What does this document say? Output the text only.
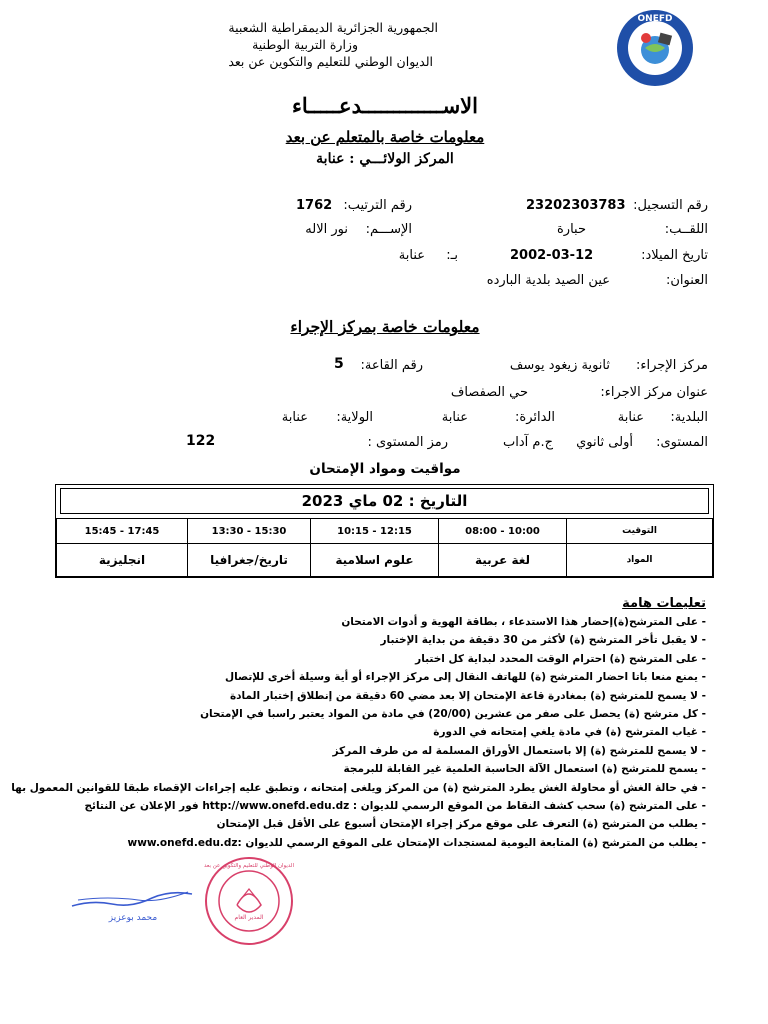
ONEFD
الجمهورية الجزائرية الديمقراطية الشعبية
وزارة التربية الوطنية
الديوان الوطني للتعليم والتكوين عن بعد
الاســـــــــــــدعـــــاء
معلومات خاصة بالمتعلم عن بعد
المركز الولائـــي : عنابة
رقم التسجيل:
23202303783
رقم الترتيب:
1762
اللقــب:
حبارة
الإســـم:
نور الاله
تاريخ الميلاد:
2002-03-12
بـ:
عنابة
العنوان:
عين الصيد بلدية البارده
معلومات خاصة بمركز الإجراء
مركز الإجراء:
ثانوية زيغود يوسف
رقم القاعة:
5
عنوان مركز الاجراء:
حي الصفصاف
البلدية:
عنابة
الدائرة:
عنابة
الولاية:
عنابة
المستوى:
أولى ثانوي
ج.م آداب
رمز المستوى :
122
مواقيت ومواد الإمتحان
التاريخ : 02 ماي 2023
15:45 - 17:45	13:30 - 15:30	10:15 - 12:15	08:00 - 10:00	التوقيت
انجليزية	تاريخ/جغرافيا	علوم اسلامية	لغة عربية	المواد
تعليمات هامة
- على المترشح(ة)إحضار هذا الاستدعاء ، بطاقة الهوية و أدوات الامتحان
- لا يقبل تأخر المترشح (ة) لأكثر من 30 دقيقة من بداية الإختبار
- على المترشح (ة) احترام الوقت المحدد لبداية كل اختبار
- يمنع منعا باتا احضار المترشح (ة) للهاتف النقال إلى مركز الإجراء أو أية وسيلة أخرى للإتصال
- لا يسمح للمترشح (ة) بمغادرة قاعة الإمتحان إلا بعد مضي 60 دقيقة من إنطلاق إختبار المادة
- كل مترشح (ة) يحصل على صفر من عشرين (20/00) في مادة من المواد يعتبر راسبا في الإمتحان
- غياب المترشح (ة) في مادة يلغي إمتحانه في الدورة
- لا يسمح للمترشح (ة) إلا باستعمال الأوراق المسلمة له من طرف المركز
- يسمح للمترشح (ة) استعمال الآلة الحاسبة العلمية غير القابلة للبرمجة
- في حالة الغش أو محاولة الغش يطرد المترشح (ة) من المركز ويلغى إمتحانه ، وتطبق عليه إجراءات الإقصاء طبقا للقوانين المعمول بها
- على المترشح (ة) سحب كشف النقاط من الموقع الرسمي للديوان : http://www.onefd.edu.dz فور الإعلان عن النتائج
- يطلب من المترشح (ة) التعرف على موقع مركز إجراء الإمتحان أسبوع على الأقل قبل الإمتحان
- يطلب من المترشح (ة) المتابعة اليومية لمستجدات الإمتحان على الموقع الرسمي للديوان :www.onefd.edu.dz
المدير العام
الديوان الوطني للتعليم والتكوين عن بعد
محمد بوعزيز
